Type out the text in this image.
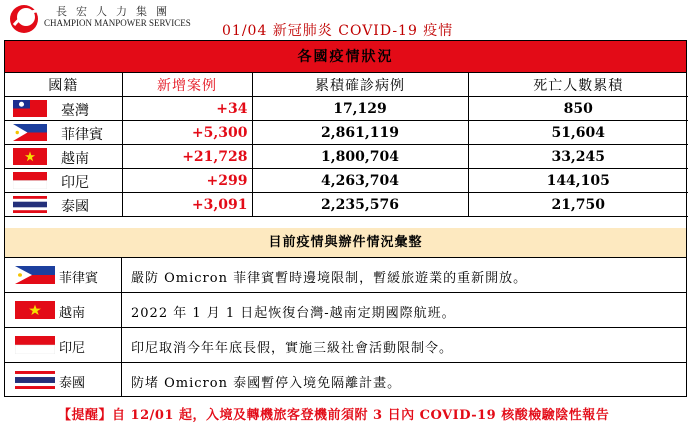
長宏人力集團
CHAMPION MANPOWER SERVICES 01/04 新冠肺炎 COVID-19 疫情
各國疫情狀況
國籍	新增案例	累積確診病例	死亡人數累積

臺灣	+34	17,129	850

菲律賓	+5,300	2,861,119	51,604

越南	+21,728	1,800,704	33,245

印尼	+299	4,263,704	144,105

泰國	+3,091	2,235,576	21,750
目前疫情與辦件情況彙整
菲律賓	嚴防 Omicron 菲律賓暫時邊境限制，暫緩旅遊業的重新開放。
越南	2022 年 1 月 1 日起恢復台灣-越南定期國際航班。
印尼	印尼取消今年年底長假，實施三級社會活動限制令。
泰國	防堵 Omicron 泰國暫停入境免隔離計畫。
【提醒】自 12/01 起，入境及轉機旅客登機前須附 3 日內 COVID-19 核酸檢驗陰性報告
